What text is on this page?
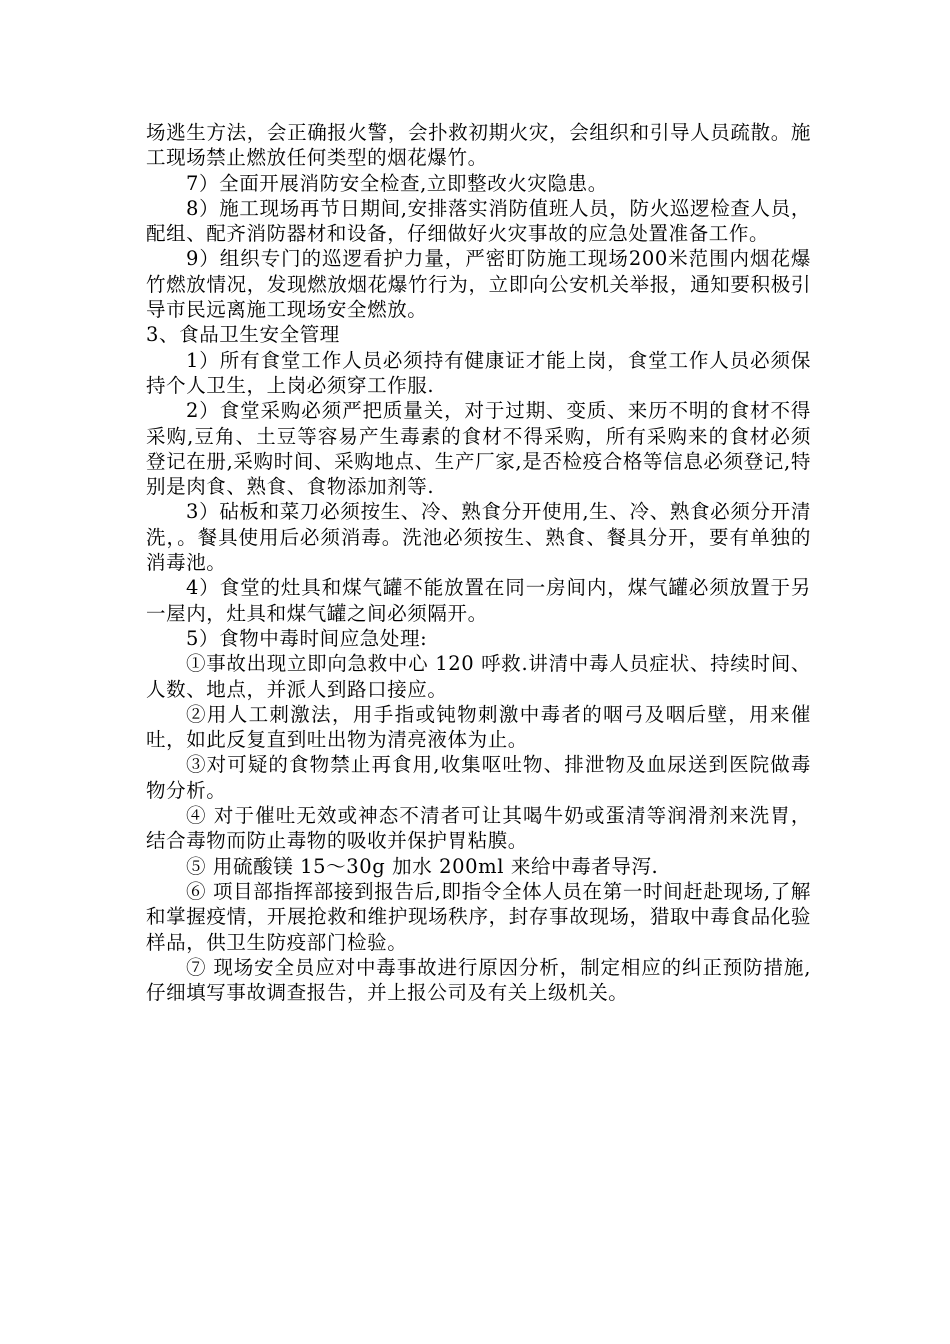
场逃生方法，会正确报火警，会扑救初期火灾，会组织和引导人员疏散。施工现场禁止燃放任何类型的烟花爆竹。

7）全面开展消防安全检查,立即整改火灾隐患。

8）施工现场再节日期间,安排落实消防值班人员，防火巡逻检查人员，配组、配齐消防器材和设备，仔细做好火灾事故的应急处置准备工作。

9）组织专门的巡逻看护力量，严密盯防施工现场200米范围内烟花爆竹燃放情况，发现燃放烟花爆竹行为，立即向公安机关举报，通知要积极引导市民远离施工现场安全燃放。

3、食品卫生安全管理

1）所有食堂工作人员必须持有健康证才能上岗，食堂工作人员必须保持个人卫生，上岗必须穿工作服.

2）食堂采购必须严把质量关，对于过期、变质、来历不明的食材不得采购,豆角、土豆等容易产生毒素的食材不得采购，所有采购来的食材必须登记在册,采购时间、采购地点、生产厂家,是否检疫合格等信息必须登记,特别是肉食、熟食、食物添加剂等.

3）砧板和菜刀必须按生、冷、熟食分开使用,生、冷、熟食必须分开清洗，。餐具使用后必须消毒。洗池必须按生、熟食、餐具分开，要有单独的消毒池。

4）食堂的灶具和煤气罐不能放置在同一房间内，煤气罐必须放置于另一屋内，灶具和煤气罐之间必须隔开。

5）食物中毒时间应急处理:

①事故出现立即向急救中心 120 呼救.讲清中毒人员症状、持续时间、人数、地点，并派人到路口接应。

②用人工刺激法，用手指或钝物刺激中毒者的咽弓及咽后壁，用来催吐，如此反复直到吐出物为清亮液体为止。

③对可疑的食物禁止再食用,收集呕吐物、排泄物及血尿送到医院做毒物分析。

④ 对于催吐无效或神态不清者可让其喝牛奶或蛋清等润滑剂来洗胃，结合毒物而防止毒物的吸收并保护胃粘膜。

⑤ 用硫酸镁 15～30g 加水 200ml 来给中毒者导泻.

⑥ 项目部指挥部接到报告后,即指令全体人员在第一时间赶赴现场,了解和掌握疫情，开展抢救和维护现场秩序，封存事故现场，猎取中毒食品化验样品，供卫生防疫部门检验。

⑦ 现场安全员应对中毒事故进行原因分析，制定相应的纠正预防措施,仔细填写事故调查报告，并上报公司及有关上级机关。
